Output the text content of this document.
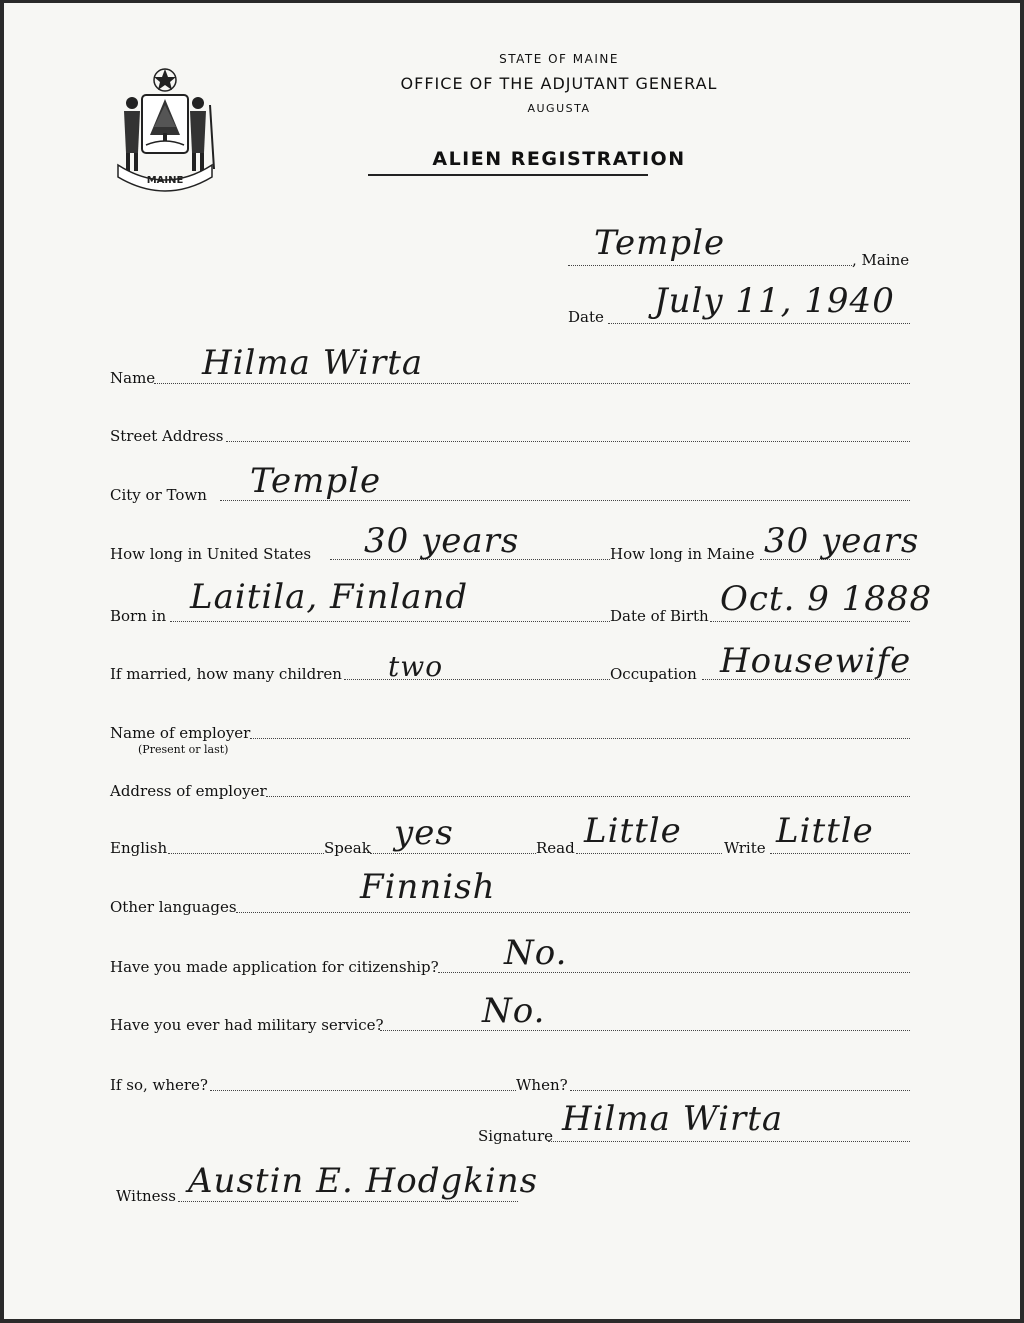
MAINE
STATE OF MAINE
OFFICE OF THE ADJUTANT GENERAL
AUGUSTA
ALIEN REGISTRATION
Temple	, Maine
Date July 11, 1940
Name Hilma Wirta
Street Address
City or Town Temple
How long in United States 30 years	How long in Maine 30 years
Born in Laitila, Finland	Date of Birth Oct. 9 1888
If married, how many children two	Occupation Housewife
Name of employer
(Present or last)
Address of employer
English	Speak yes	Read Little	Write Little
Other languages	Finnish
Have you made application for citizenship? No.
Have you ever had military service?	No.
If so, where?	When?
Signature Hilma Wirta
Witness Austin E. Hodgkins
